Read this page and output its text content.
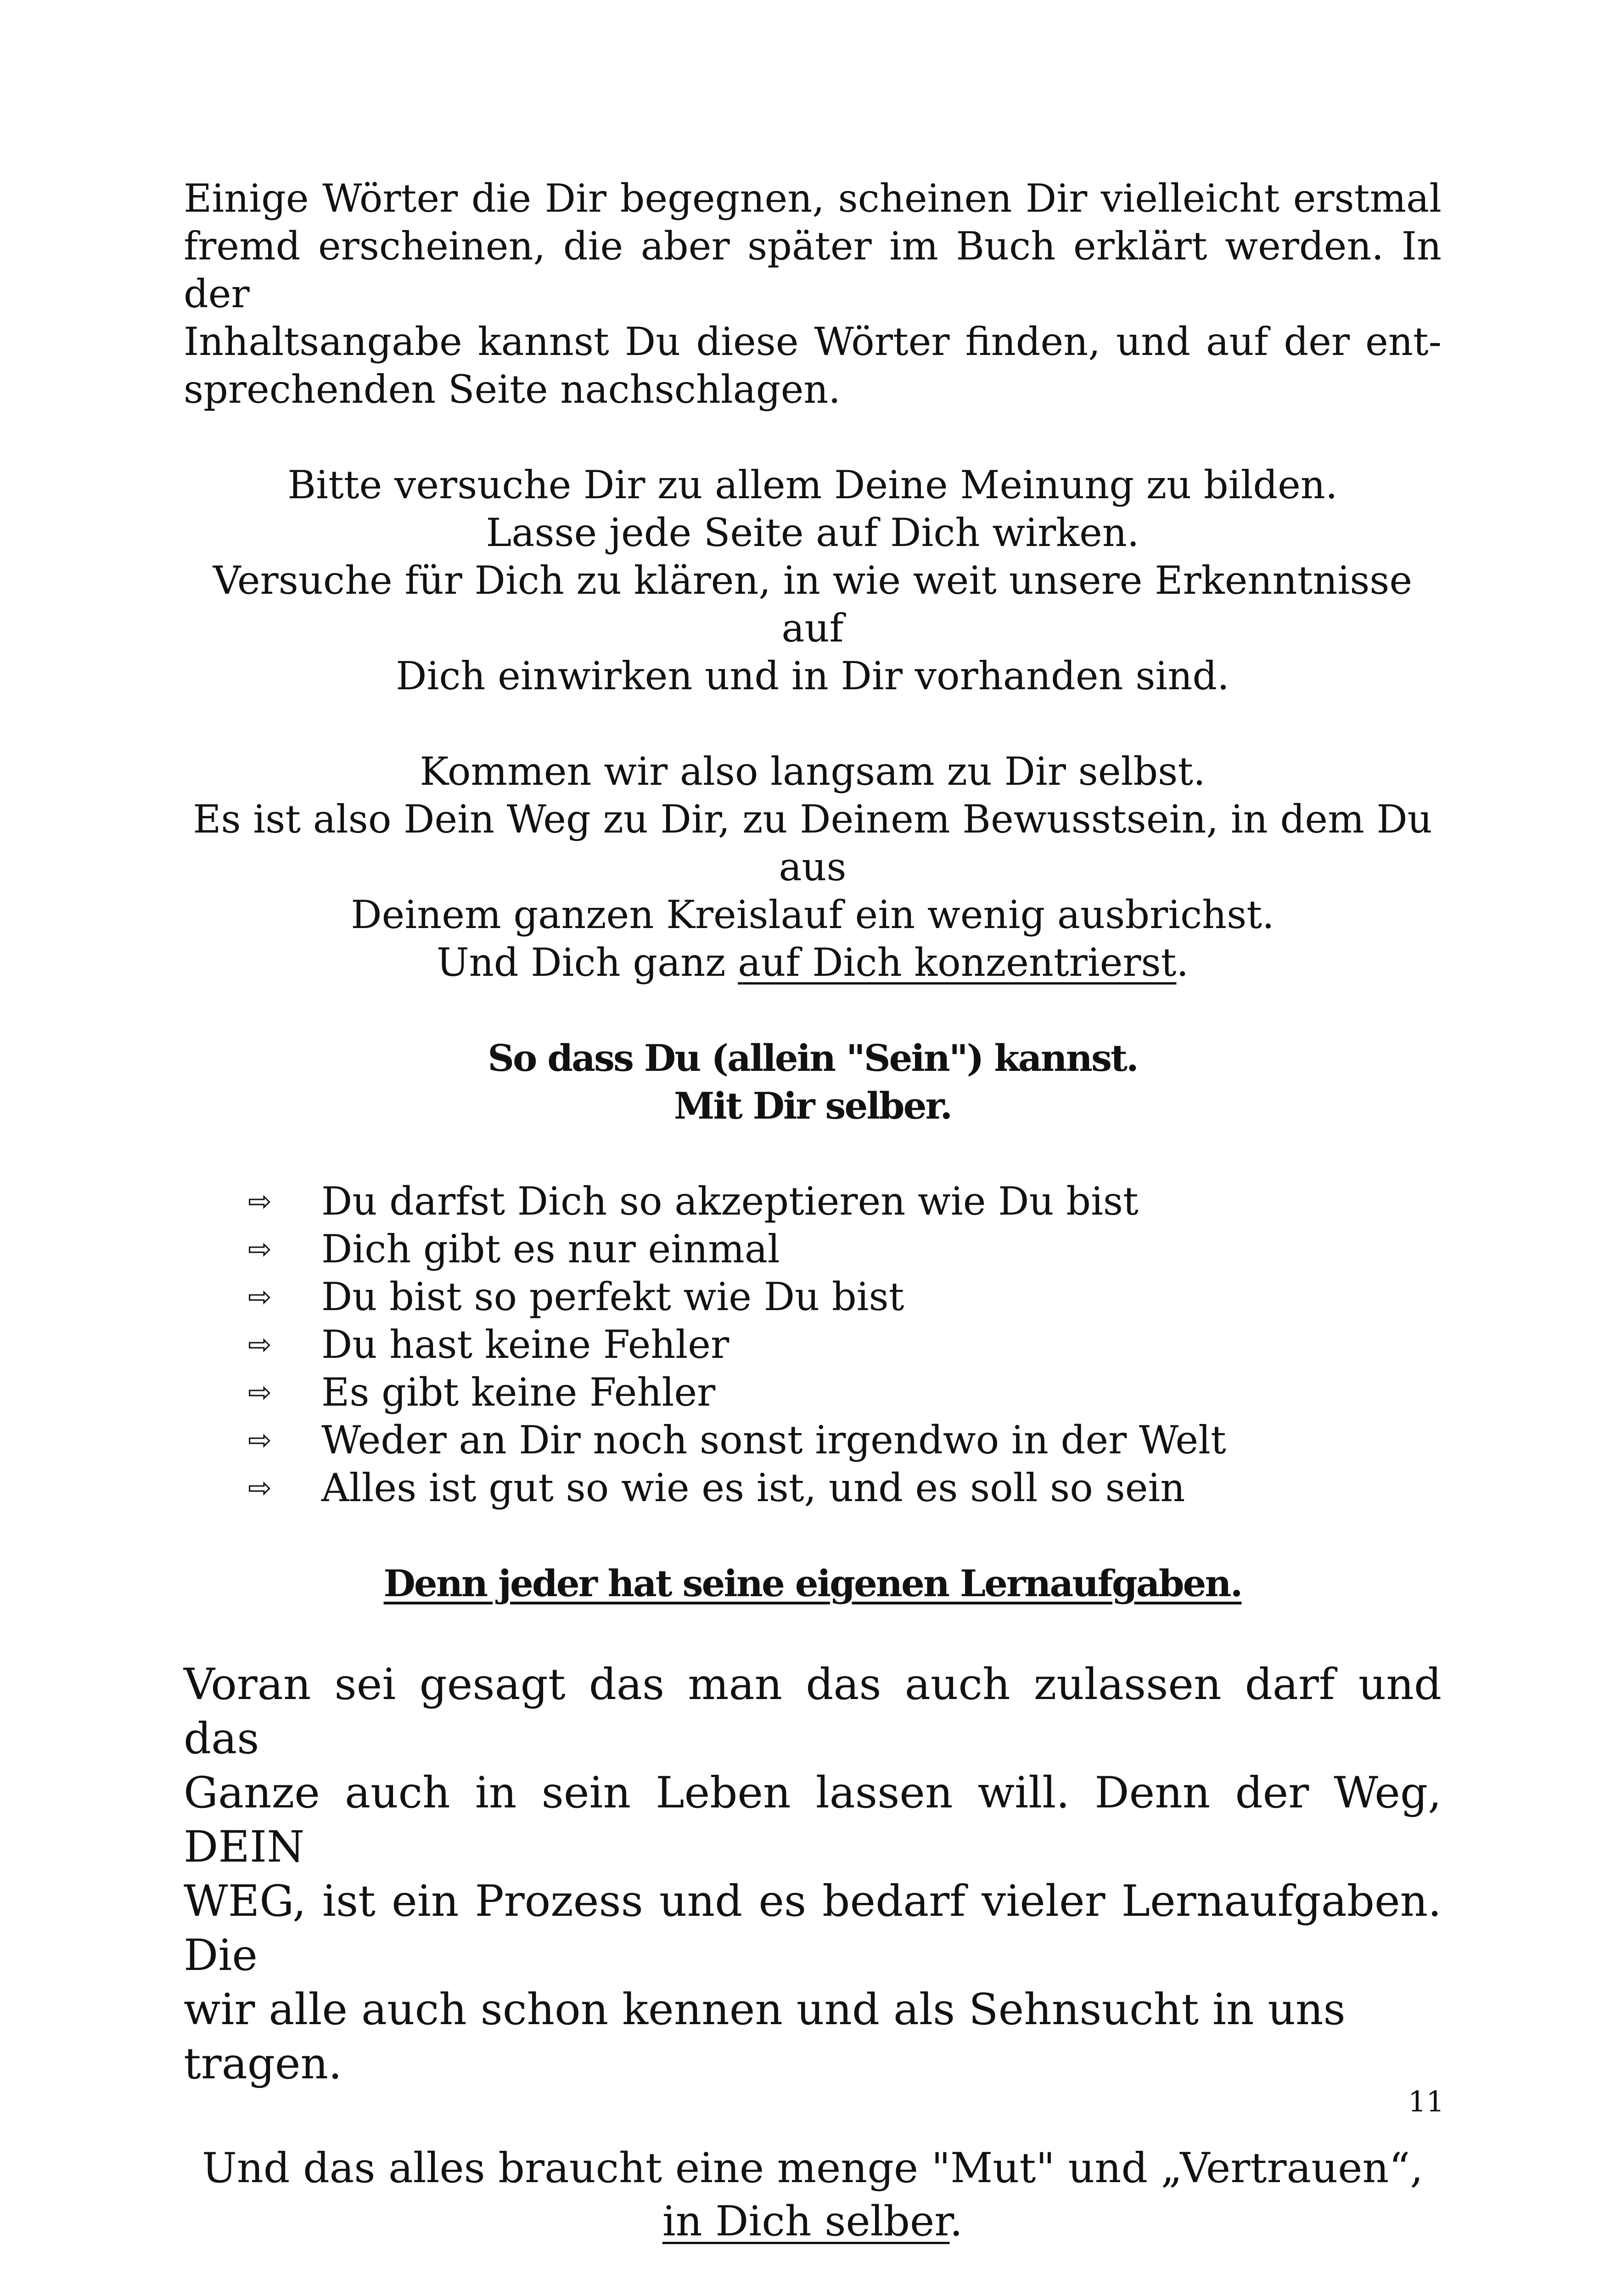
Einige Wörter die Dir begegnen, scheinen Dir vielleicht erstmal
fremd erscheinen, die aber später im Buch erklärt werden. In der
Inhaltsangabe kannst Du diese Wörter finden, und auf der ent-
sprechenden Seite nachschlagen.

Bitte versuche Dir zu allem Deine Meinung zu bilden.
Lasse jede Seite auf Dich wirken.
Versuche für Dich zu klären, in wie weit unsere Erkenntnisse auf
Dich einwirken und in Dir vorhanden sind.
Kommen wir also langsam zu Dir selbst.
Es ist also Dein Weg zu Dir, zu Deinem Bewusstsein, in dem Du aus
Deinem ganzen Kreislauf ein wenig ausbrichst.
Und Dich ganz auf Dich konzentrierst.
So dass Du (allein "Sein") kannst.
Mit Dir selber.
⇨ Du darfst Dich so akzeptieren wie Du bist
⇨ Dich gibt es nur einmal
⇨ Du bist so perfekt wie Du bist
⇨ Du hast keine Fehler
⇨ Es gibt keine Fehler
⇨ Weder an Dir noch sonst irgendwo in der Welt
⇨ Alles ist gut so wie es ist, und es soll so sein
Denn jeder hat seine eigenen Lernaufgaben.

Voran sei gesagt das man das auch zulassen darf und das
Ganze auch in sein Leben lassen will. Denn der Weg, DEIN
WEG, ist ein Prozess und es bedarf vieler Lernaufgaben. Die
wir alle auch schon kennen und als Sehnsucht in uns tragen.

Und das alles braucht eine menge "Mut" und „Vertrauen“,
in Dich selber.
11
